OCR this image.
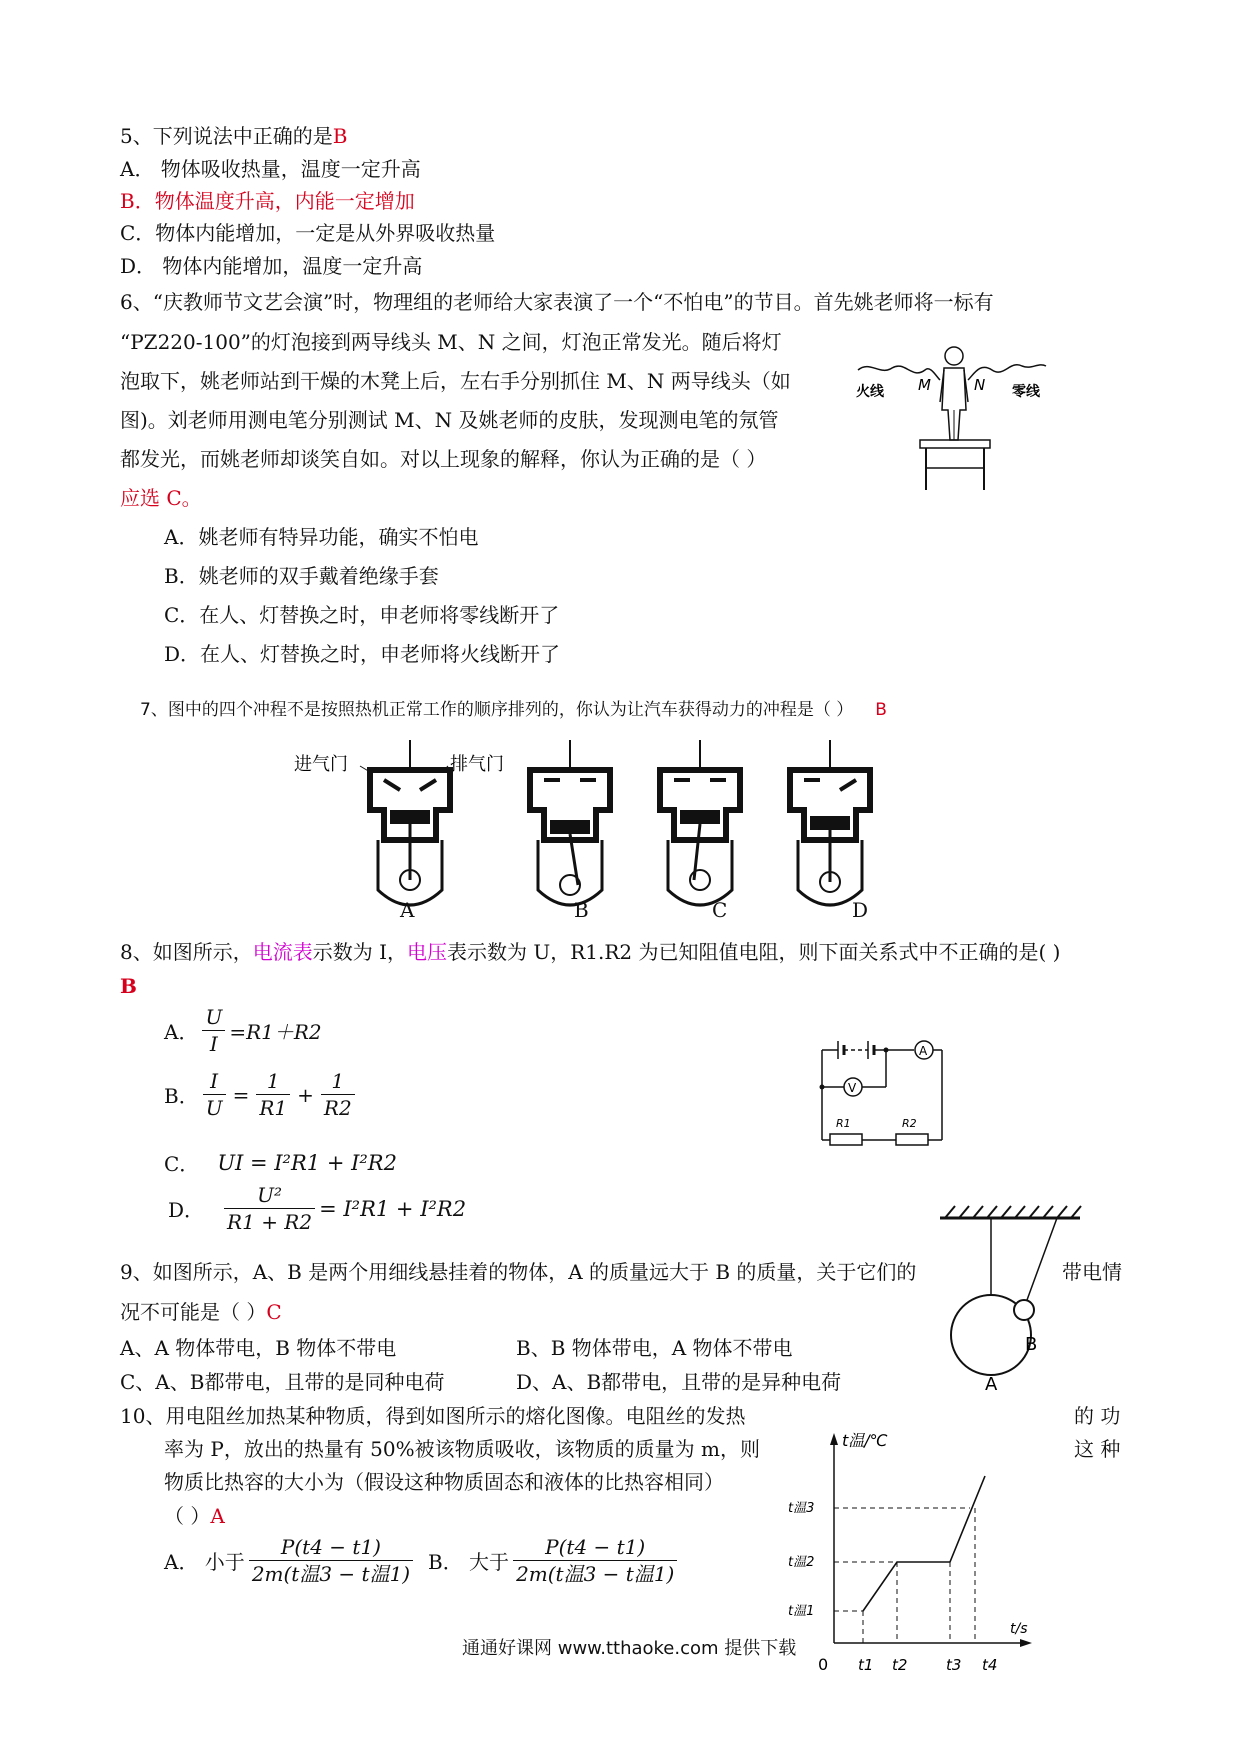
5、下列说法中正确的是B
A． 物体吸收热量，温度一定升高
B．物体温度升高，内能一定增加
C．物体内能增加，一定是从外界吸收热量
D． 物体内能增加，温度一定升高
6、“庆教师节文艺会演”时，物理组的老师给大家表演了一个“不怕电”的节目。首先姚老师将一标有
“PZ220-100”的灯泡接到两导线头 M、N 之间，灯泡正常发光。随后将灯
泡取下，姚老师站到干燥的木凳上后，左右手分别抓住 M、N 两导线头（如
图)。刘老师用测电笔分别测试 M、N 及姚老师的皮肤，发现测电笔的氖管
都发光，而姚老师却谈笑自如。对以上现象的解释，你认为正确的是（ ）
应选 C。
A．姚老师有特异功能，确实不怕电
B．姚老师的双手戴着绝缘手套
C．在人、灯替换之时，申老师将零线断开了
D．在人、灯替换之时，申老师将火线断开了
火线 M	N 零线
7、图中的四个冲程不是按照热机正常工作的顺序排列的，你认为让汽车获得动力的冲程是（ ） B
进气门	排气门
A	B	C	D
8、如图所示，电流表示数为 I，电压表示数为 U，R1.R2 为已知阻值电阻，则下面关系式中不正确的是( )
B
A． $\frac{U}{I} =R1+R2$
B． $\frac{I}{U} = \frac{1}{R1} + \frac{1}{R2}$
C． UI = I²R1 + I²R2
D． $\frac{\text{U²}}{R1 + R2} = I^2R1 + I^2R2$
A
V
R1	R2
9、如图所示，A、B 是两个用细线悬挂着的物体，A 的质量远大于 B 的质量，关于它们的	带电情
况不可能是（ ）C
A、A 物体带电，B 物体不带电	B、B 物体带电，A 物体不带电
C、A、B都带电，且带的是同种电荷	D、A、B都带电，且带的是异种电荷	A
B
10、用电阻丝加热某种物质，得到如图所示的熔化图像。电阻丝的发热	的 功
率为 P，放出的热量有 50%被该物质吸收，该物质的质量为 m，则	这 种
物质比热容的大小为（假设这种物质固态和液体的比热容相同）
（ ）A
A． 小于 $\frac{P(t4 - t1)}{\text{2m(t温3 − t温1)}}$ B． 大于 $\frac{P(t4 - t1)}{\text{2m(t温3 − t温1)}}$
t温/℃
t/s
0
t温3
t温2
t温1
t1 t2	t3 t4
通通好课网 www.tthaoke.com 提供下载
